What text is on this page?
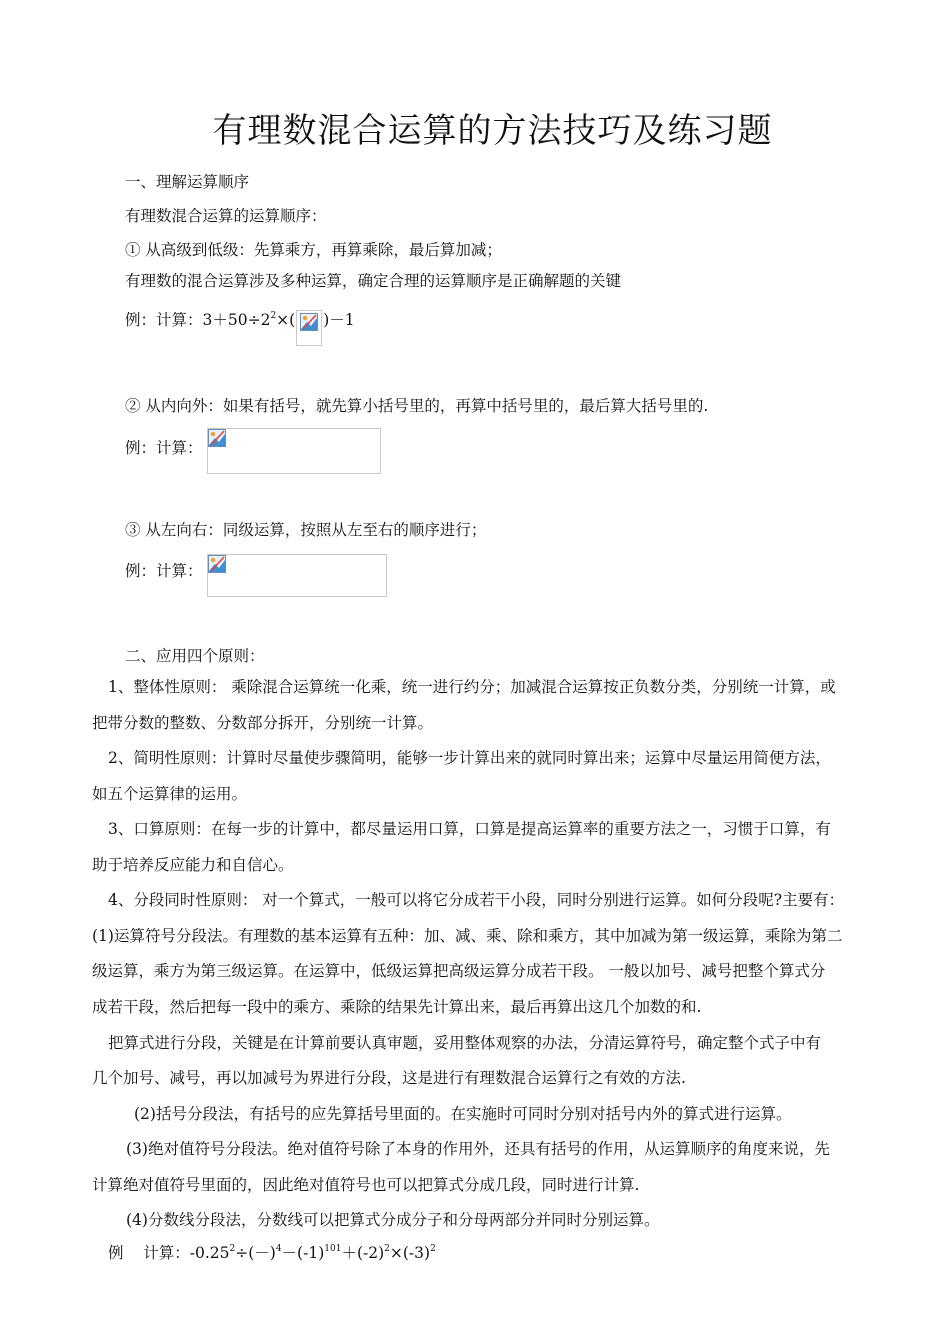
有理数混合运算的方法技巧及练习题
一、理解运算顺序
有理数混合运算的运算顺序：
① 从高级到低级：先算乘方，再算乘除，最后算加减；
有理数的混合运算涉及多种运算，确定合理的运算顺序是正确解题的关键
例：计算：$3+50\div 2^2\times$( )－1
② 从内向外：如果有括号，就先算小括号里的，再算中括号里的，最后算大括号里的.
例：计算：
③ 从左向右：同级运算，按照从左至右的顺序进行；
例：计算：
二、应用四个原则：
1、整体性原则： 乘除混合运算统一化乘，统一进行约分；加减混合运算按正负数分类，分别统一计算，或
把带分数的整数、分数部分拆开，分别统一计算。
2、简明性原则：计算时尽量使步骤简明，能够一步计算出来的就同时算出来；运算中尽量运用简便方法，
如五个运算律的运用。
3、口算原则：在每一步的计算中，都尽量运用口算，口算是提高运算率的重要方法之一，习惯于口算，有
助于培养反应能力和自信心。
4、分段同时性原则： 对一个算式，一般可以将它分成若干小段，同时分别进行运算。如何分段呢?主要有：
(1)运算符号分段法。有理数的基本运算有五种：加、减、乘、除和乘方，其中加减为第一级运算，乘除为第二
级运算，乘方为第三级运算。在运算中，低级运算把高级运算分成若干段。 一般以加号、减号把整个算式分
成若干段，然后把每一段中的乘方、乘除的结果先计算出来，最后再算出这几个加数的和.
把算式进行分段，关键是在计算前要认真审题，妥用整体观察的办法，分清运算符号，确定整个式子中有
几个加号、减号，再以加减号为界进行分段，这是进行有理数混合运算行之有效的方法.
(2)括号分段法，有括号的应先算括号里面的。在实施时可同时分别对括号内外的算式进行运算。
(3)绝对值符号分段法。绝对值符号除了本身的作用外，还具有括号的作用，从运算顺序的角度来说，先
计算绝对值符号里面的，因此绝对值符号也可以把算式分成几段，同时进行计算.
(4)分数线分段法，分数线可以把算式分成分子和分母两部分并同时分别运算。
例 计算：$-0.25^2\div(-)^4-(-1)^{101}+(-2)^2\times(-3)^2$
